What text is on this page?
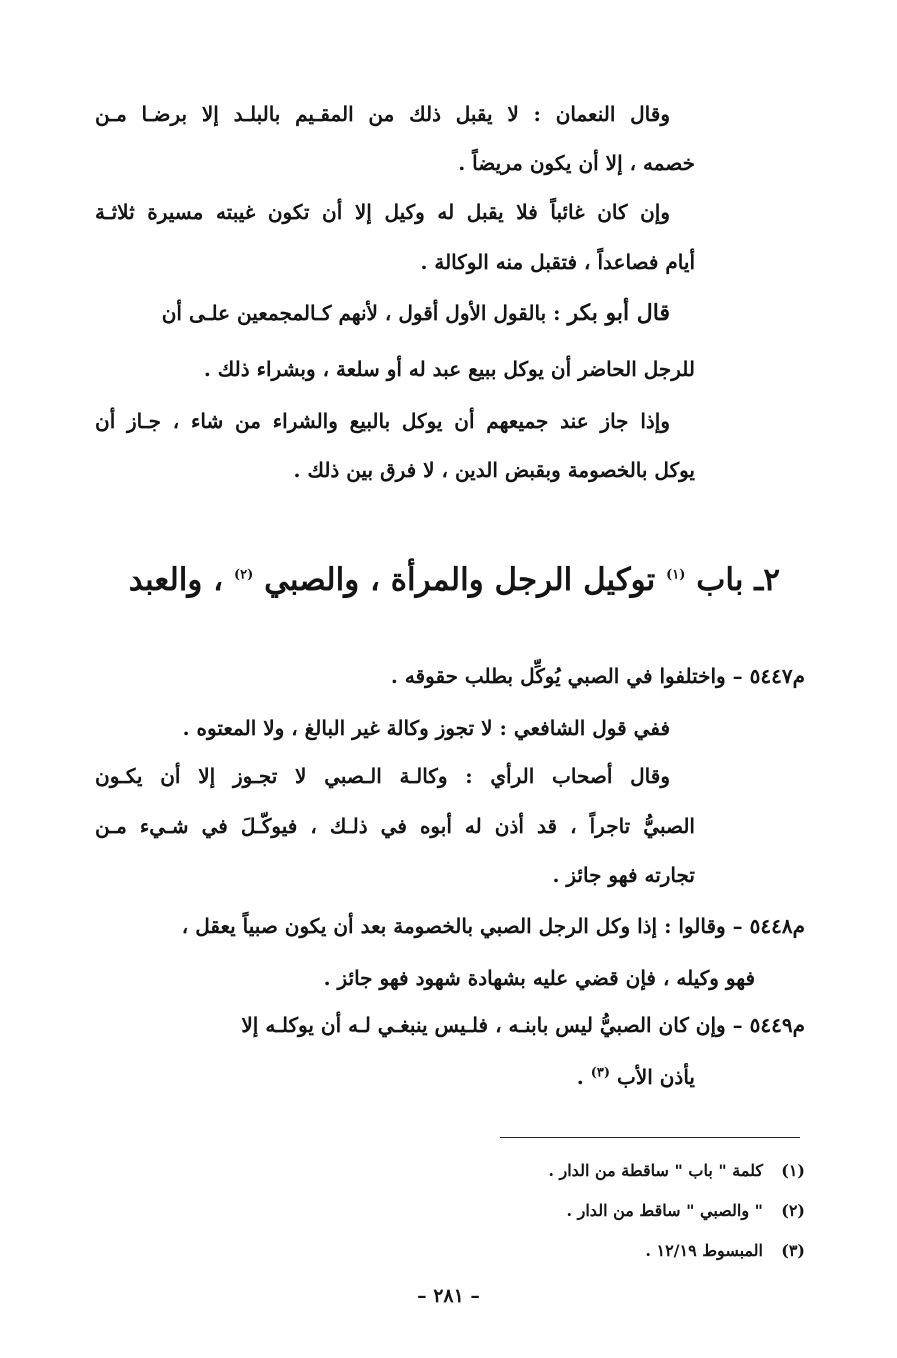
وقال النعمان : لا يقبل ذلك من المقـيم بالبلـد إلا برضـا مـن
خصمه ، إلا أن يكون مريضاً .
وإن كان غائباً فلا يقبل له وكيل إلا أن تكون غيبته مسيرة ثلاثـة
أيام فصاعداً ، فتقبل منه الوكالة .
قال أبو بكر : بالقول الأول أقول ، لأنهم كـالمجمعين علـى أن
للرجل الحاضر أن يوكل ببيع عبد له أو سلعة ، وبشراء ذلك .
وإذا جاز عند جميعهم أن يوكل بالبيع والشراء من شاء ، جـاز أن
يوكل بالخصومة وبقبض الدين ، لا فرق بين ذلك .
٢ـ باب $^{(١)}$ توكيل الرجل والمرأة ، والصبي $^{(٢)}$ ، والعبد
م٥٤٤٧ – واختلفوا في الصبي يُوكِّل بطلب حقوقه .
ففي قول الشافعي : لا تجوز وكالة غير البالغ ، ولا المعتوه .
وقال أصحاب الرأي : وكالـة الـصبي لا تجـوز إلا أن يكـون
الصبيُّ تاجراً ، قد أذن له أبوه في ذلـك ، فيوكّـلَ في شـيء مـن
تجارته فهو جائز .
م٥٤٤٨ – وقالوا : إذا وكل الرجل الصبي بالخصومة بعد أن يكون صبياً يعقل ،
فهو وكيله ، فإن قضي عليه بشهادة شهود فهو جائز .
م٥٤٤٩ – وإن كان الصبيُّ ليس بابنـه ، فلـيس ينبغـي لـه أن يوكلـه إلا
يأذن الأب $^{(٣)}$ .
(١)كلمة " باب " ساقطة من الدار .
(٢)" والصبي " ساقط من الدار .
(٣)المبسوط ١٢/١٩ .
– ٢٨١ –
